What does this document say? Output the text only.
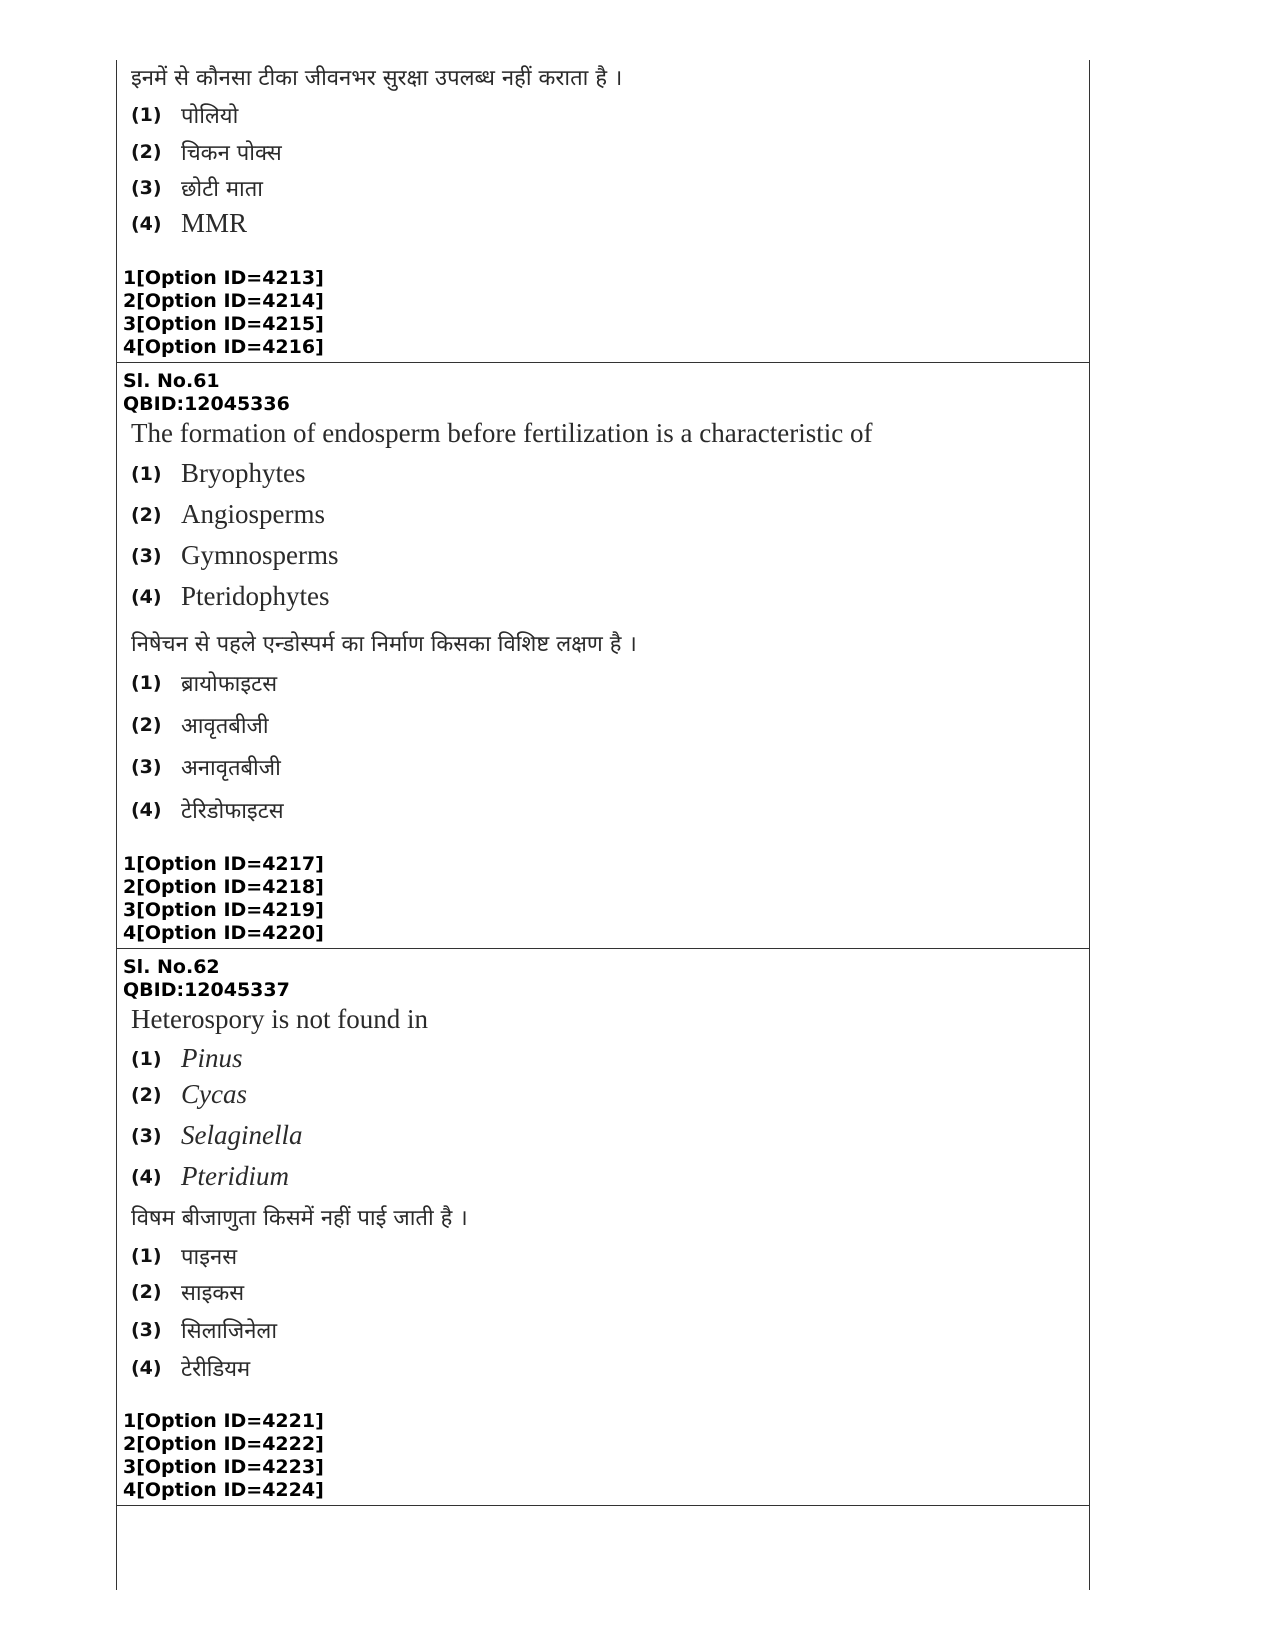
इनमें से कौनसा टीका जीवनभर सुरक्षा उपलब्ध नहीं कराता है ।
(1) पोलियो
(2) चिकन पोक्स
(3) छोटी माता
(4) MMR
1[Option ID=4213]
2[Option ID=4214]
3[Option ID=4215]
4[Option ID=4216]
Sl. No.61
QBID:12045336
The formation of endosperm before fertilization is a characteristic of
(1) Bryophytes
(2) Angiosperms
(3) Gymnosperms
(4) Pteridophytes
निषेचन से पहले एन्डोस्पर्म का निर्माण किसका विशिष्ट लक्षण है ।
(1) ब्रायोफाइटस
(2) आवृतबीजी
(3) अनावृतबीजी
(4) टेरिडोफाइटस
1[Option ID=4217]
2[Option ID=4218]
3[Option ID=4219]
4[Option ID=4220]
Sl. No.62
QBID:12045337
Heterospory is not found in
(1) Pinus
(2) Cycas
(3) Selaginella
(4) Pteridium
विषम बीजाणुता किसमें नहीं पाई जाती है ।
(1) पाइनस
(2) साइकस
(3) सिलाजिनेला
(4) टेरीडियम
1[Option ID=4221]
2[Option ID=4222]
3[Option ID=4223]
4[Option ID=4224]
